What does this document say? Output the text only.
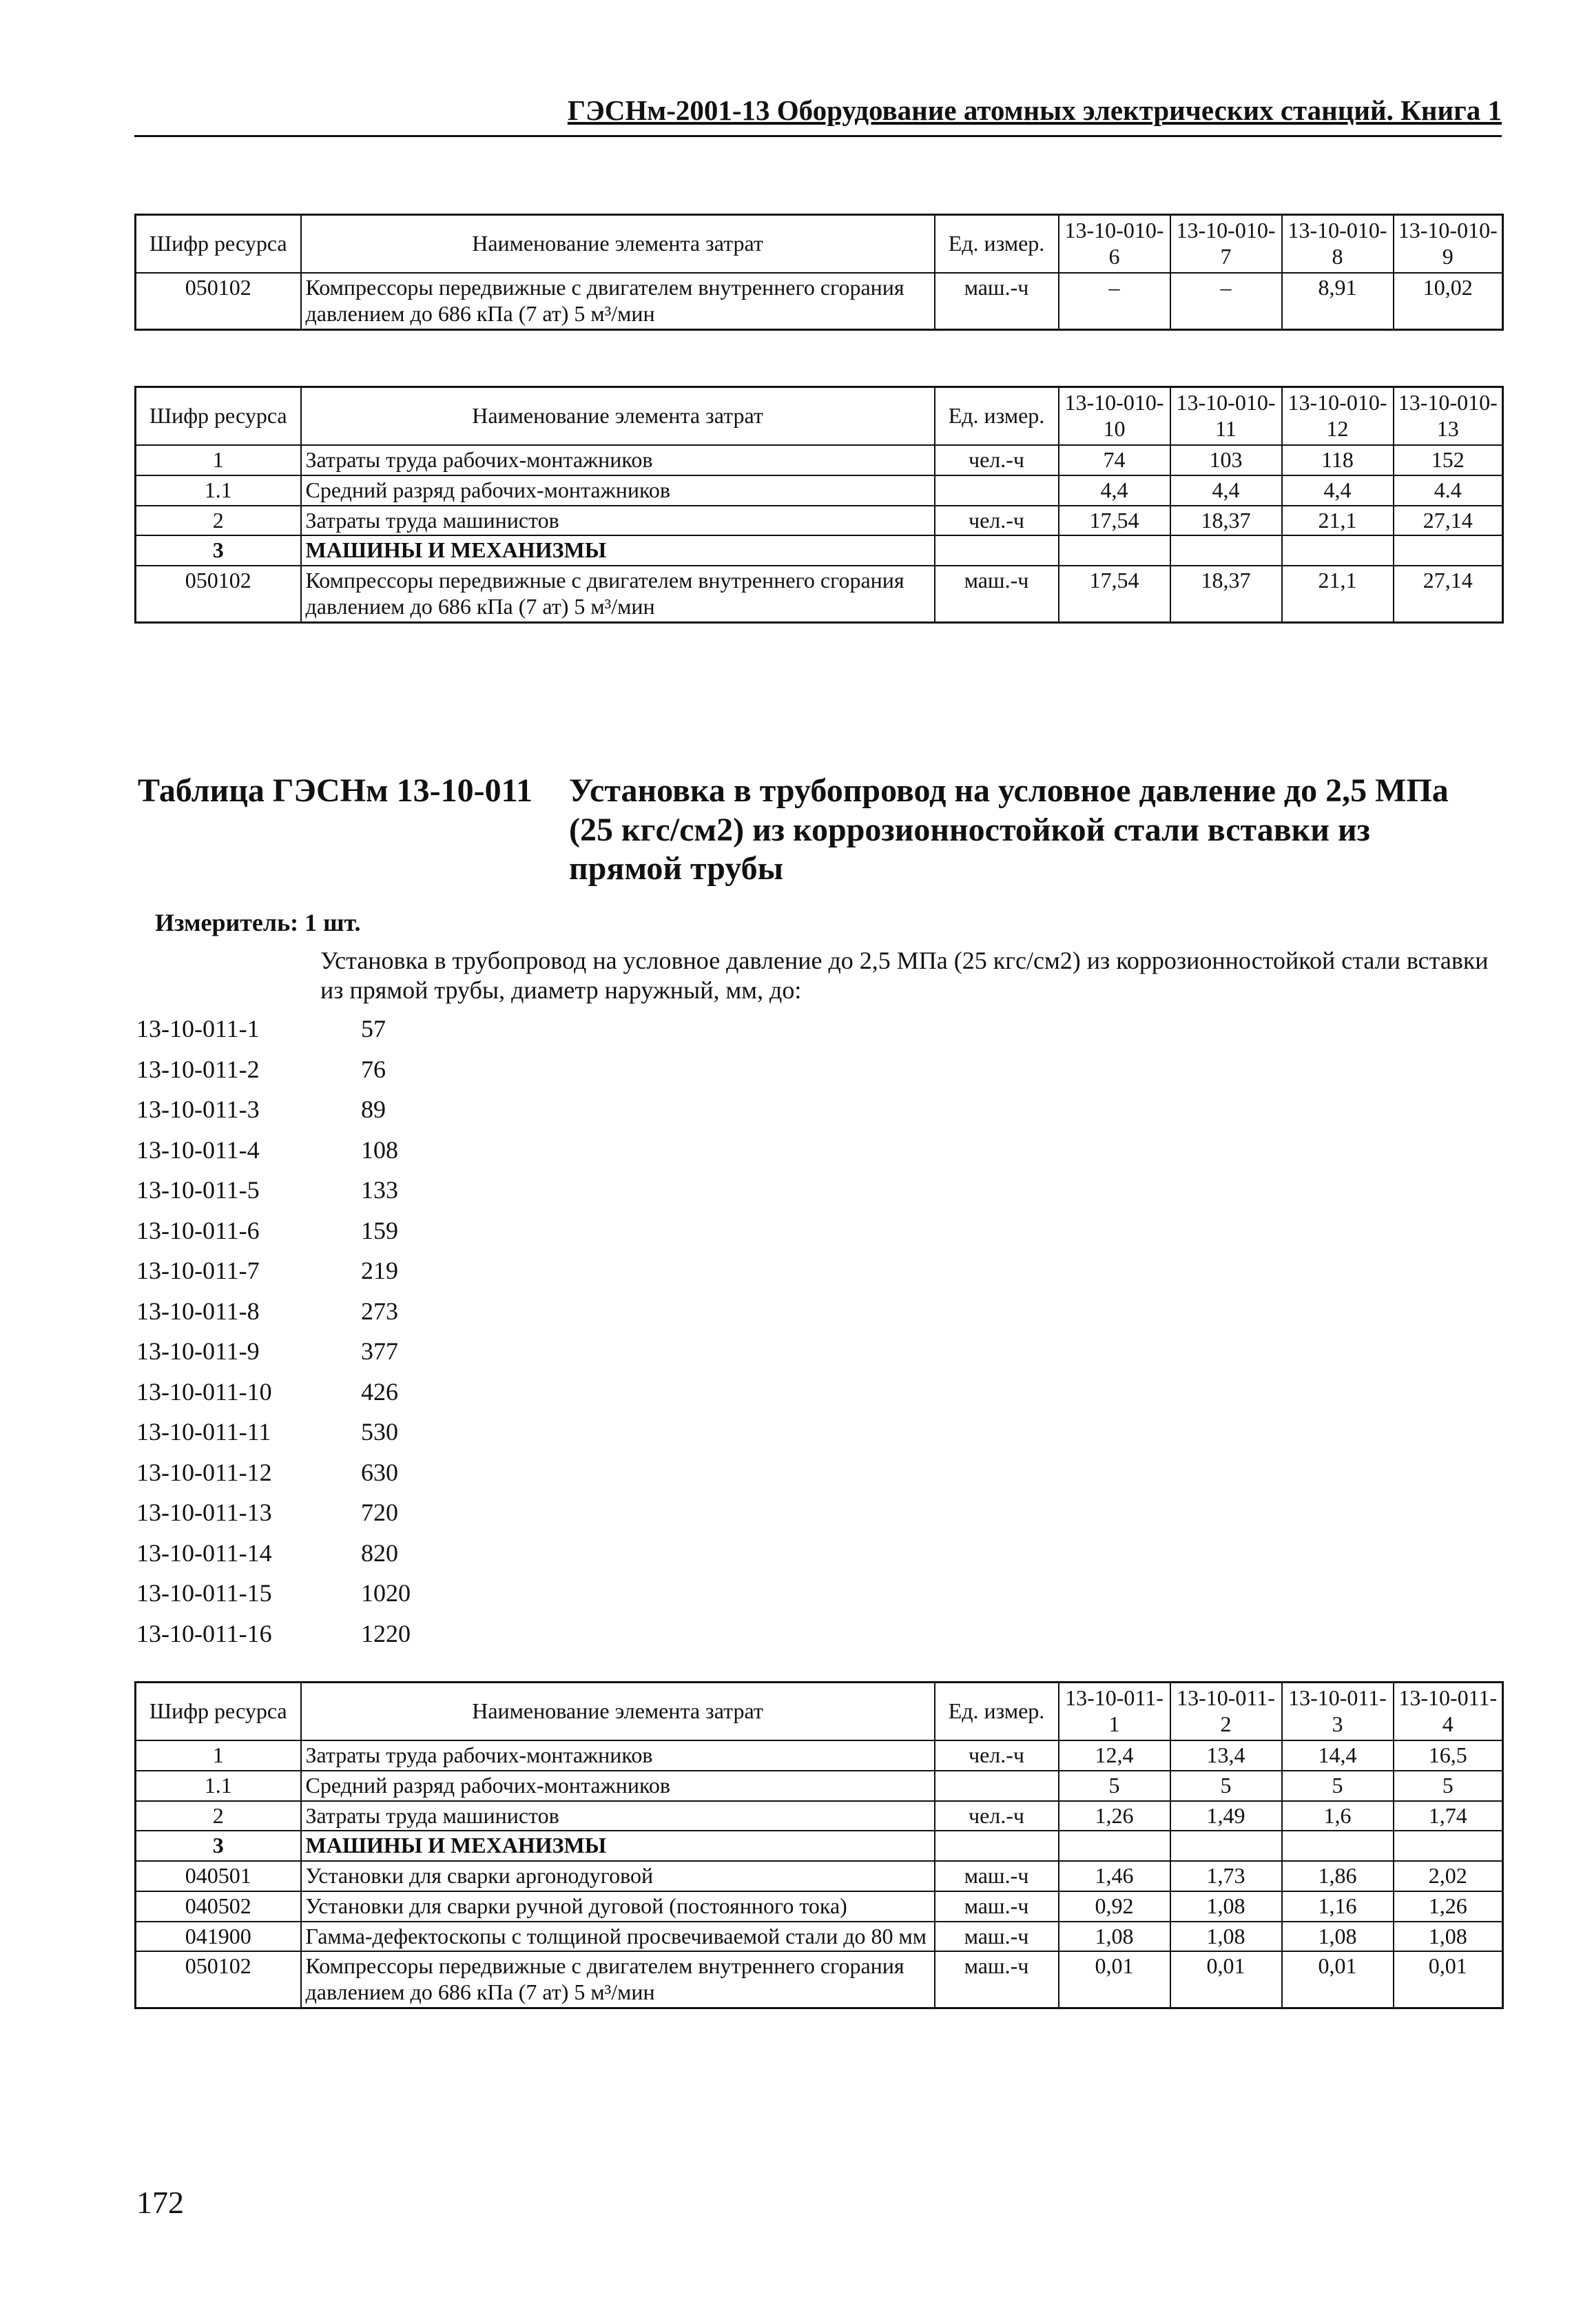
ГЭСНм-2001-13 Оборудование атомных электрических станций. Книга 1
Шифр ресурса	Наименование элемента затрат	Ед. измер.	13-10-010-6	13-10-010-7	13-10-010-8	13-10-010-9
050102	Компрессоры передвижные с двигателем внутреннего сгорания давлением до 686 кПа (7 ат) 5 м³/мин	маш.-ч	–	–	8,91	10,02
Шифр ресурса	Наименование элемента затрат	Ед. измер.	13-10-010-10	13-10-010-11	13-10-010-12	13-10-010-13
1	Затраты труда рабочих-монтажников	чел.-ч	74	103	118	152
1.1	Средний разряд рабочих-монтажников		4,4	4,4	4,4	4.4
2	Затраты труда машинистов	чел.-ч	17,54	18,37	21,1	27,14
3	МАШИНЫ И МЕХАНИЗМЫ					
050102	Компрессоры передвижные с двигателем внутреннего сгорания давлением до 686 кПа (7 ат) 5 м³/мин	маш.-ч	17,54	18,37	21,1	27,14
Таблица ГЭСНм 13-10-011 Установка в трубопровод на условное давление до 2,5 МПа (25 кгс/см2) из коррозионностойкой стали вставки из прямой трубы
Измеритель: 1 шт.
Установка в трубопровод на условное давление до 2,5 МПа (25 кгс/см2) из коррозионностойкой стали вставки из прямой трубы, диаметр наружный, мм, до:
13-10-011-1	57
13-10-011-2	76
13-10-011-3	89
13-10-011-4	108
13-10-011-5	133
13-10-011-6	159
13-10-011-7	219
13-10-011-8	273
13-10-011-9	377
13-10-011-10	426
13-10-011-11	530
13-10-011-12	630
13-10-011-13	720
13-10-011-14	820
13-10-011-15	1020
13-10-011-16	1220
Шифр ресурса	Наименование элемента затрат	Ед. измер.	13-10-011-1	13-10-011-2	13-10-011-3	13-10-011-4
1	Затраты труда рабочих-монтажников	чел.-ч	12,4	13,4	14,4	16,5
1.1	Средний разряд рабочих-монтажников		5	5	5	5
2	Затраты труда машинистов	чел.-ч	1,26	1,49	1,6	1,74
3	МАШИНЫ И МЕХАНИЗМЫ					
040501	Установки для сварки аргонодуговой	маш.-ч	1,46	1,73	1,86	2,02
040502	Установки для сварки ручной дуговой (постоянного тока)	маш.-ч	0,92	1,08	1,16	1,26
041900	Гамма-дефектоскопы с толщиной просвечиваемой стали до 80 мм	маш.-ч	1,08	1,08	1,08	1,08
050102	Компрессоры передвижные с двигателем внутреннего сгорания давлением до 686 кПа (7 ат) 5 м³/мин	маш.-ч	0,01	0,01	0,01	0,01
172
